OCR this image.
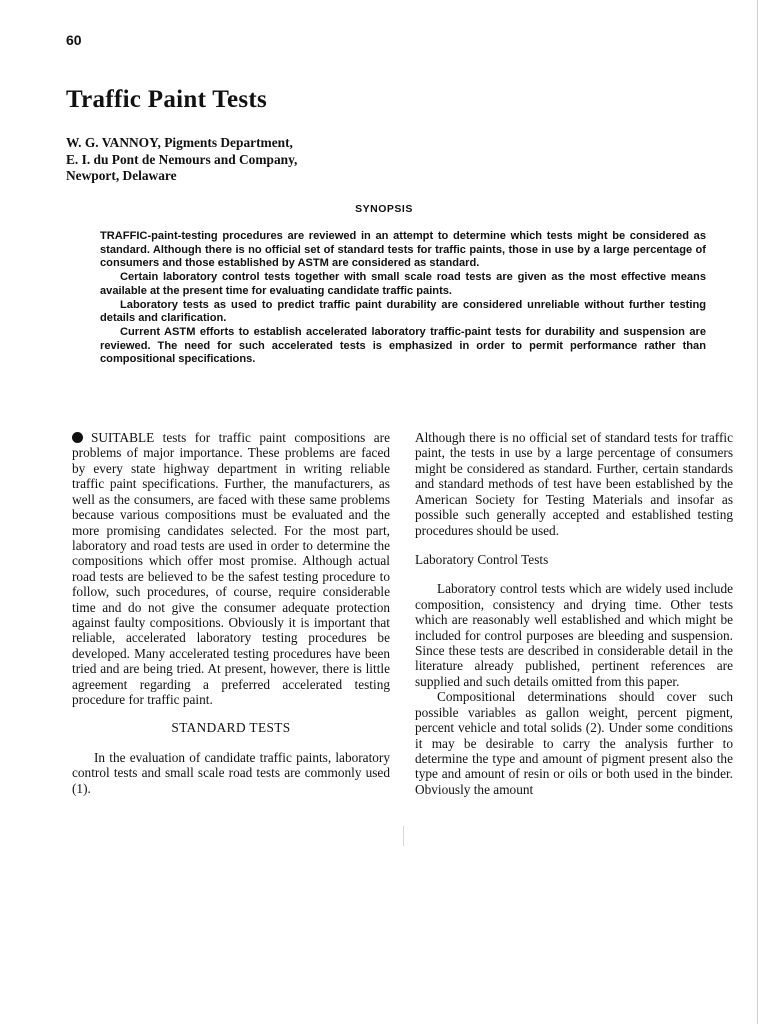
60
Traffic Paint Tests
W. G. VANNOY, Pigments Department,
E. I. du Pont de Nemours and Company,
Newport, Delaware
SYNOPSIS

TRAFFIC-paint-testing procedures are reviewed in an attempt to determine which tests might be considered as standard. Although there is no official set of standard tests for traffic paints, those in use by a large percentage of consumers and those established by ASTM are considered as standard.

Certain laboratory control tests together with small scale road tests are given as the most effective means available at the present time for evaluating candidate traffic paints.

Laboratory tests as used to predict traffic paint durability are considered unreliable without further testing details and clarification.

Current ASTM efforts to establish accelerated laboratory traffic-paint tests for durability and suspension are reviewed. The need for such accelerated tests is emphasized in order to permit performance rather than compositional specifications.

SUITABLE tests for traffic paint compositions are problems of major importance. These problems are faced by every state highway department in writing reliable traffic paint specifications. Further, the manufacturers, as well as the consumers, are faced with these same problems because various compositions must be evaluated and the more promising candidates selected. For the most part, laboratory and road tests are used in order to determine the compositions which offer most promise. Although actual road tests are believed to be the safest testing procedure to follow, such procedures, of course, require considerable time and do not give the consumer adequate protection against faulty compositions. Obviously it is important that reliable, accelerated laboratory testing procedures be developed. Many accelerated testing procedures have been tried and are being tried. At present, however, there is little agreement regarding a preferred accelerated testing procedure for traffic paint.

STANDARD TESTS

In the evaluation of candidate traffic paints, laboratory control tests and small scale road tests are commonly used (1).

Although there is no official set of standard tests for traffic paint, the tests in use by a large percentage of consumers might be considered as standard. Further, certain standards and standard methods of test have been established by the American Society for Testing Materials and insofar as possible such generally accepted and established testing procedures should be used.

Laboratory Control Tests

Laboratory control tests which are widely used include composition, consistency and drying time. Other tests which are reasonably well established and which might be included for control purposes are bleeding and suspension. Since these tests are described in considerable detail in the literature already published, pertinent references are supplied and such details omitted from this paper.

Compositional determinations should cover such possible variables as gallon weight, percent pigment, percent vehicle and total solids (2). Under some conditions it may be desirable to carry the analysis further to determine the type and amount of pigment present also the type and amount of resin or oils or both used in the binder. Obviously the amount
